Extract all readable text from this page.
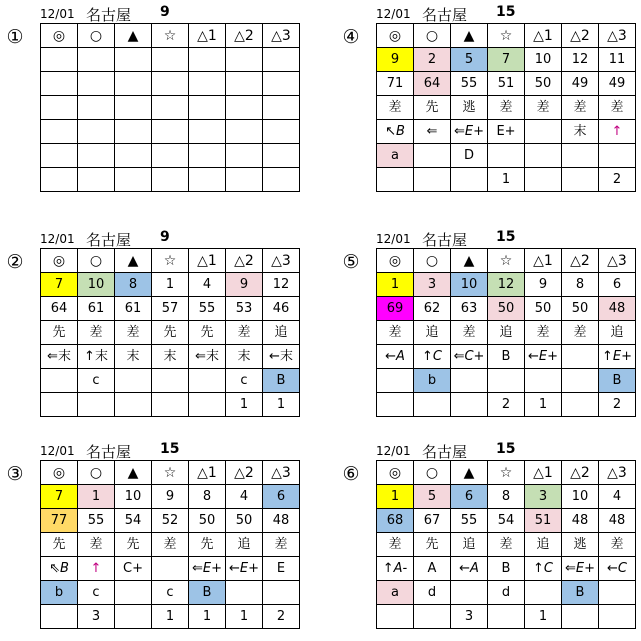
①
12/01 名古屋 9
◎	○	▲	☆	△1	△2	△3

							④
12/01 名古屋 15
◎	○	▲	☆	△1	△2	△3
9	2	5	7	10	12	11
71	64	55	51	50	49	49
差	先	逃	差	差	差	差
↖B	⇐	⇐E+	E+		末	↑
a		D				
			1			2
②
12/01 名古屋 9
◎	○	▲	☆	△1	△2	△3
7	10	8	1	4	9	12
64	61	61	57	55	53	46
先	差	差	先	先	差	追
⇐末	↑末	末	末	⇐末	末	←末
	c				c	B
					1	1
⑤
12/01 名古屋 15
◎	○	▲	☆	△1	△2	△3
1	3	10	12	9	8	6
69	62	63	50	50	50	48
差	追	差	追	差	差	追
←A	↑C	⇐C+	B	←E+		↑E+
	b					B
			2	1		2
③
12/01 名古屋 15
◎	○	▲	☆	△1	△2	△3
7	1	10	9	8	4	6
77	55	54	52	50	50	48
先	差	先	差	先	追	差
⇖B	↑	C+		⇐E+	←E+	E
b	c		c	B		
	3		1	1	1	2
⑥
12/01 名古屋 15
◎	○	▲	☆	△1	△2	△3
1	5	6	8	3	10	4
68	67	55	54	51	48	48
差	先	追	差	追	逃	差
↑A-	A	←A	B	↑C	⇐E+	←C
a	d		d		B	
		3		1		
